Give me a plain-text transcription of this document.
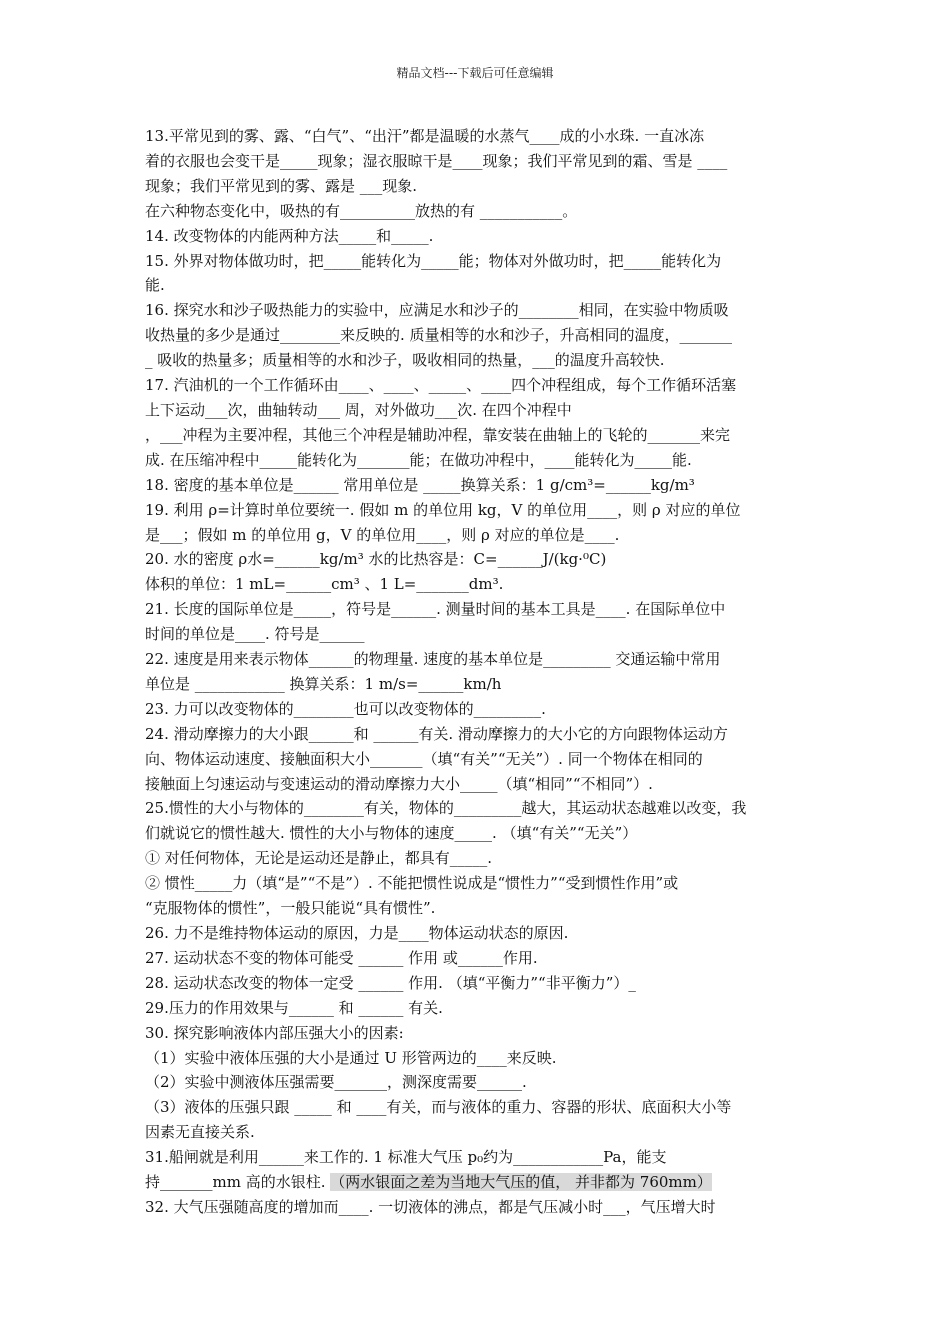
精品文档---下载后可任意编辑
13.平常见到的雾、露、“白气”、“出汗”都是温暖的水蒸气____成的小水珠. 一直冰冻
着的衣服也会变干是_____现象；湿衣服晾干是____现象；我们平常见到的霜、雪是 ____
现象；我们平常见到的雾、露是 ___现象.
在六种物态变化中，吸热的有__________放热的有 ___________。
14. 改变物体的内能两种方法_____和_____.
15. 外界对物体做功时，把_____能转化为_____能；物体对外做功时，把_____能转化为
能.
16. 探究水和沙子吸热能力的实验中，应满足水和沙子的________相同，在实验中物质吸
收热量的多少是通过________来反映的. 质量相等的水和沙子，升高相同的温度，_______
_ 吸收的热量多；质量相等的水和沙子，吸收相同的热量，___的温度升高较快.
17. 汽油机的一个工作循环由____、____、_____、____四个冲程组成，每个工作循环活塞
上下运动___次，曲轴转动___ 周，对外做功___次. 在四个冲程中
，___冲程为主要冲程，其他三个冲程是辅助冲程，靠安装在曲轴上的飞轮的_______来完
成. 在压缩冲程中_____能转化为_______能；在做功冲程中，____能转化为_____能.
18. 密度的基本单位是______ 常用单位是 _____换算关系：1 g/cm³=______kg/m³
19. 利用 ρ=计算时单位要统一. 假如 m 的单位用 kg，V 的单位用____，则 ρ 对应的单位
是___；假如 m 的单位用 g，V 的单位用____，则 ρ 对应的单位是____.
20. 水的密度 ρ水=______kg/m³ 水的比热容是：C=______J/(kg·⁰C)
体积的单位：1 mL=______cm³ 、1 L=_______dm³.
21. 长度的国际单位是_____，符号是______. 测量时间的基本工具是____. 在国际单位中
时间的单位是____. 符号是______
22. 速度是用来表示物体______的物理量. 速度的基本单位是_________ 交通运输中常用
单位是 ____________ 换算关系：1 m/s=______km/h
23. 力可以改变物体的________也可以改变物体的_________.
24. 滑动摩擦力的大小跟______和 ______有关. 滑动摩擦力的大小它的方向跟物体运动方
向、物体运动速度、接触面积大小_______（填“有关”“无关”）. 同一个物体在相同的
接触面上匀速运动与变速运动的滑动摩擦力大小_____（填“相同”“不相同”）.
25.惯性的大小与物体的________有关，物体的_________越大，其运动状态越难以改变，我
们就说它的惯性越大. 惯性的大小与物体的速度_____. （填“有关”“无关”）
① 对任何物体，无论是运动还是静止，都具有_____.
② 惯性_____力（填“是”“不是”）. 不能把惯性说成是“惯性力”“受到惯性作用”或
“克服物体的惯性”，一般只能说“具有惯性”.
26. 力不是维持物体运动的原因，力是____物体运动状态的原因.
27. 运动状态不变的物体可能受 ______ 作用 或______作用.
28. 运动状态改变的物体一定受 ______ 作用. （填“平衡力”“非平衡力”）_
29.压力的作用效果与______ 和 ______ 有关.
30. 探究影响液体内部压强大小的因素:
（1）实验中液体压强的大小是通过 U 形管两边的____来反映.
（2）实验中测液体压强需要_______，测深度需要______.
（3）液体的压强只跟 _____ 和 ____有关，而与液体的重力、容器的形状、底面积大小等
因素无直接关系.
31.船闸就是利用______来工作的. 1 标准大气压 p₀约为____________Pa，能支
持_______mm 高的水银柱. （两水银面之差为当地大气压的值， 并非都为 760mm）
32. 大气压强随高度的增加而____. 一切液体的沸点，都是气压减小时___，气压增大时
